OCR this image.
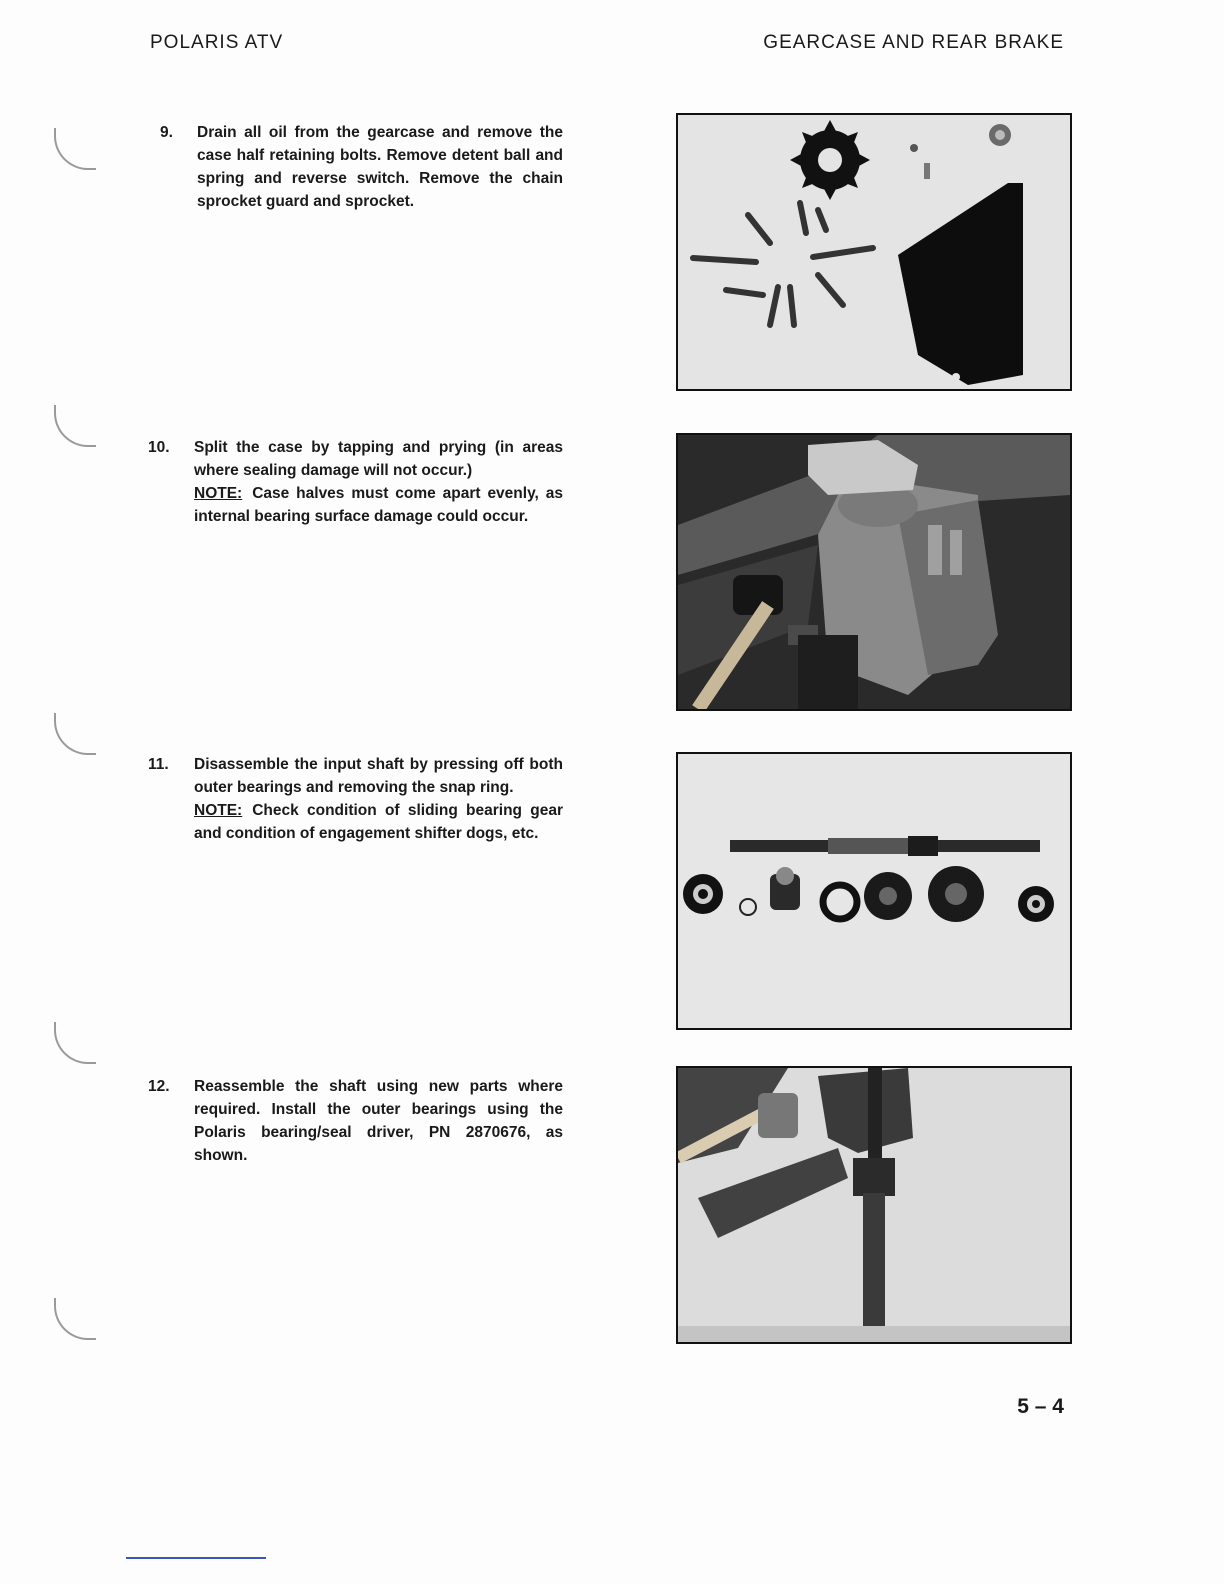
POLARIS ATV	GEARCASE AND REAR BRAKE
9.	Drain all oil from the gearcase and remove the case half retaining bolts. Remove detent ball and spring and reverse switch. Remove the chain sprocket guard and sprocket.
10.	Split the case by tapping and prying (in areas where sealing damage will not occur.)
NOTE: Case halves must come apart evenly, as internal bearing surface damage could occur.
11.	Disassemble the input shaft by pressing off both outer bearings and removing the snap ring.
NOTE: Check condition of sliding bearing gear and condition of engagement shifter dogs, etc.
12.	Reassemble the shaft using new parts where required. Install the outer bearings using the Polaris bearing/seal driver, PN 2870676, as shown.
5 – 4
